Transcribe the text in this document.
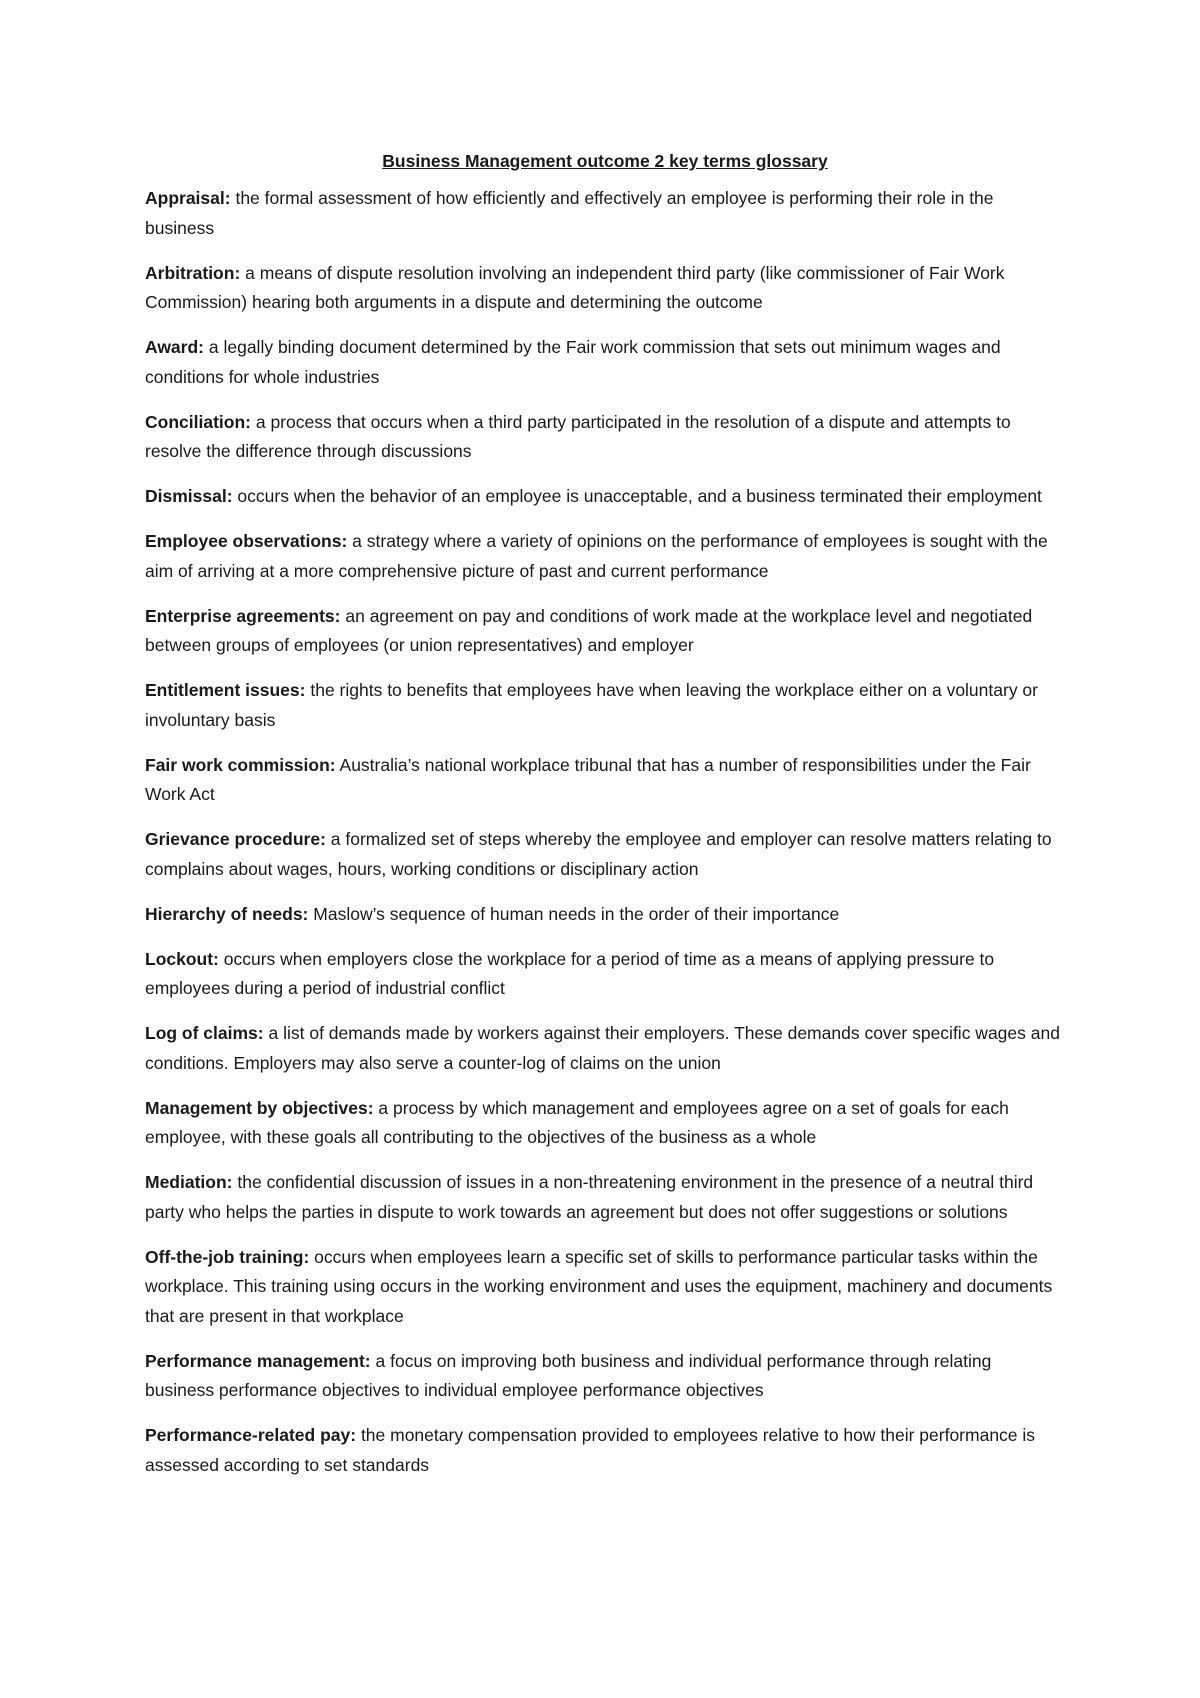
Business Management outcome 2 key terms glossary
Appraisal: the formal assessment of how efficiently and effectively an employee is performing their role in the business
Arbitration: a means of dispute resolution involving an independent third party (like commissioner of Fair Work Commission) hearing both arguments in a dispute and determining the outcome
Award: a legally binding document determined by the Fair work commission that sets out minimum wages and conditions for whole industries
Conciliation: a process that occurs when a third party participated in the resolution of a dispute and attempts to resolve the difference through discussions
Dismissal: occurs when the behavior of an employee is unacceptable, and a business terminated their employment
Employee observations: a strategy where a variety of opinions on the performance of employees is sought with the aim of arriving at a more comprehensive picture of past and current performance
Enterprise agreements: an agreement on pay and conditions of work made at the workplace level and negotiated between groups of employees (or union representatives) and employer
Entitlement issues: the rights to benefits that employees have when leaving the workplace either on a voluntary or involuntary basis
Fair work commission: Australia’s national workplace tribunal that has a number of responsibilities under the Fair Work Act
Grievance procedure: a formalized set of steps whereby the employee and employer can resolve matters relating to complains about wages, hours, working conditions or disciplinary action
Hierarchy of needs: Maslow’s sequence of human needs in the order of their importance
Lockout: occurs when employers close the workplace for a period of time as a means of applying pressure to employees during a period of industrial conflict
Log of claims: a list of demands made by workers against their employers. These demands cover specific wages and conditions. Employers may also serve a counter-log of claims on the union
Management by objectives: a process by which management and employees agree on a set of goals for each employee, with these goals all contributing to the objectives of the business as a whole
Mediation: the confidential discussion of issues in a non-threatening environment in the presence of a neutral third party who helps the parties in dispute to work towards an agreement but does not offer suggestions or solutions
Off-the-job training: occurs when employees learn a specific set of skills to performance particular tasks within the workplace. This training using occurs in the working environment and uses the equipment, machinery and documents that are present in that workplace
Performance management: a focus on improving both business and individual performance through relating business performance objectives to individual employee performance objectives
Performance-related pay: the monetary compensation provided to employees relative to how their performance is assessed according to set standards
